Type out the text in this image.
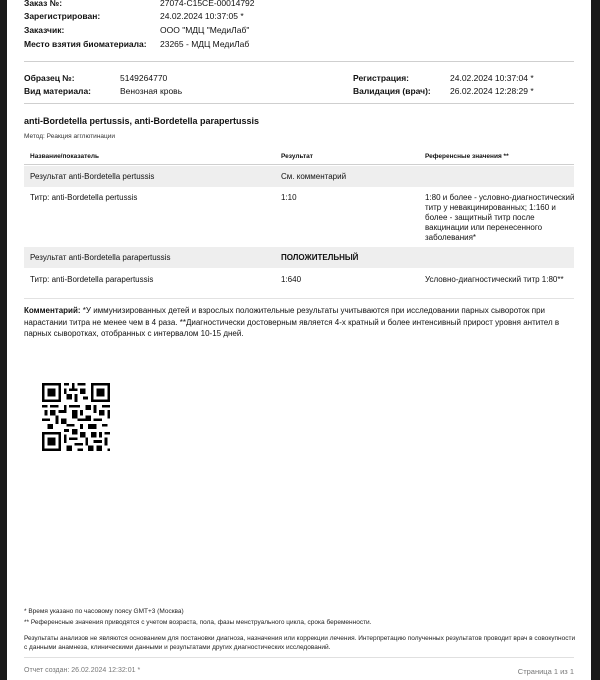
Заказ №:	27074-C15CE-00014792
Зарегистрирован:	24.02.2024 10:37:05 *
Заказчик:	ООО "МДЦ "МедиЛаб"
Место взятия биоматериала: 23265 - МДЦ МедиЛаб
Образец №:	5149264770
Вид материала:	Венозная кровь
Регистрация:	24.02.2024 10:37:04 *
Валидация (врач): 26.02.2024 12:28:29 *
anti-Bordetella pertussis, anti-Bordetella parapertussis
Метод: Реакция агглютинации
Название/показатель	Результат	Референсные значения **
Результат anti-Bordetella pertussis	См. комментарий
Титр: anti-Bordetella pertussis	1:10	1:80 и более - условно-диагностический титр у невакцинированных; 1:160 и более - защитный титр после вакцинации или перенесенного заболевания*
Результат anti-Bordetella parapertussis	ПОЛОЖИТЕЛЬНЫЙ
Титр: anti-Bordetella parapertussis	1:640	Условно-диагностический титр 1:80**
Комментарий: *У иммунизированных детей и взрослых положительные результаты учитываются при исследовании парных сывороток при нарастании титра не менее чем в 4 раза. **Диагностически достоверным является 4-х кратный и более интенсивный прирост уровня антител в парных сыворотках, отобранных с интервалом 10-15 дней.
* Время указано по часовому поясу GMT+3 (Москва)
** Референсные значения приводятся с учетом возраста, пола, фазы менструального цикла, срока беременности.
Результаты анализов не являются основанием для постановки диагноза, назначения или коррекции лечения. Интерпретацию полученных результатов проводит врач в совокупности с данными анамнеза, клиническими данными и результатами других диагностических исследований.
Отчет создан: 26.02.2024 12:32:01 *	Страница 1 из 1
